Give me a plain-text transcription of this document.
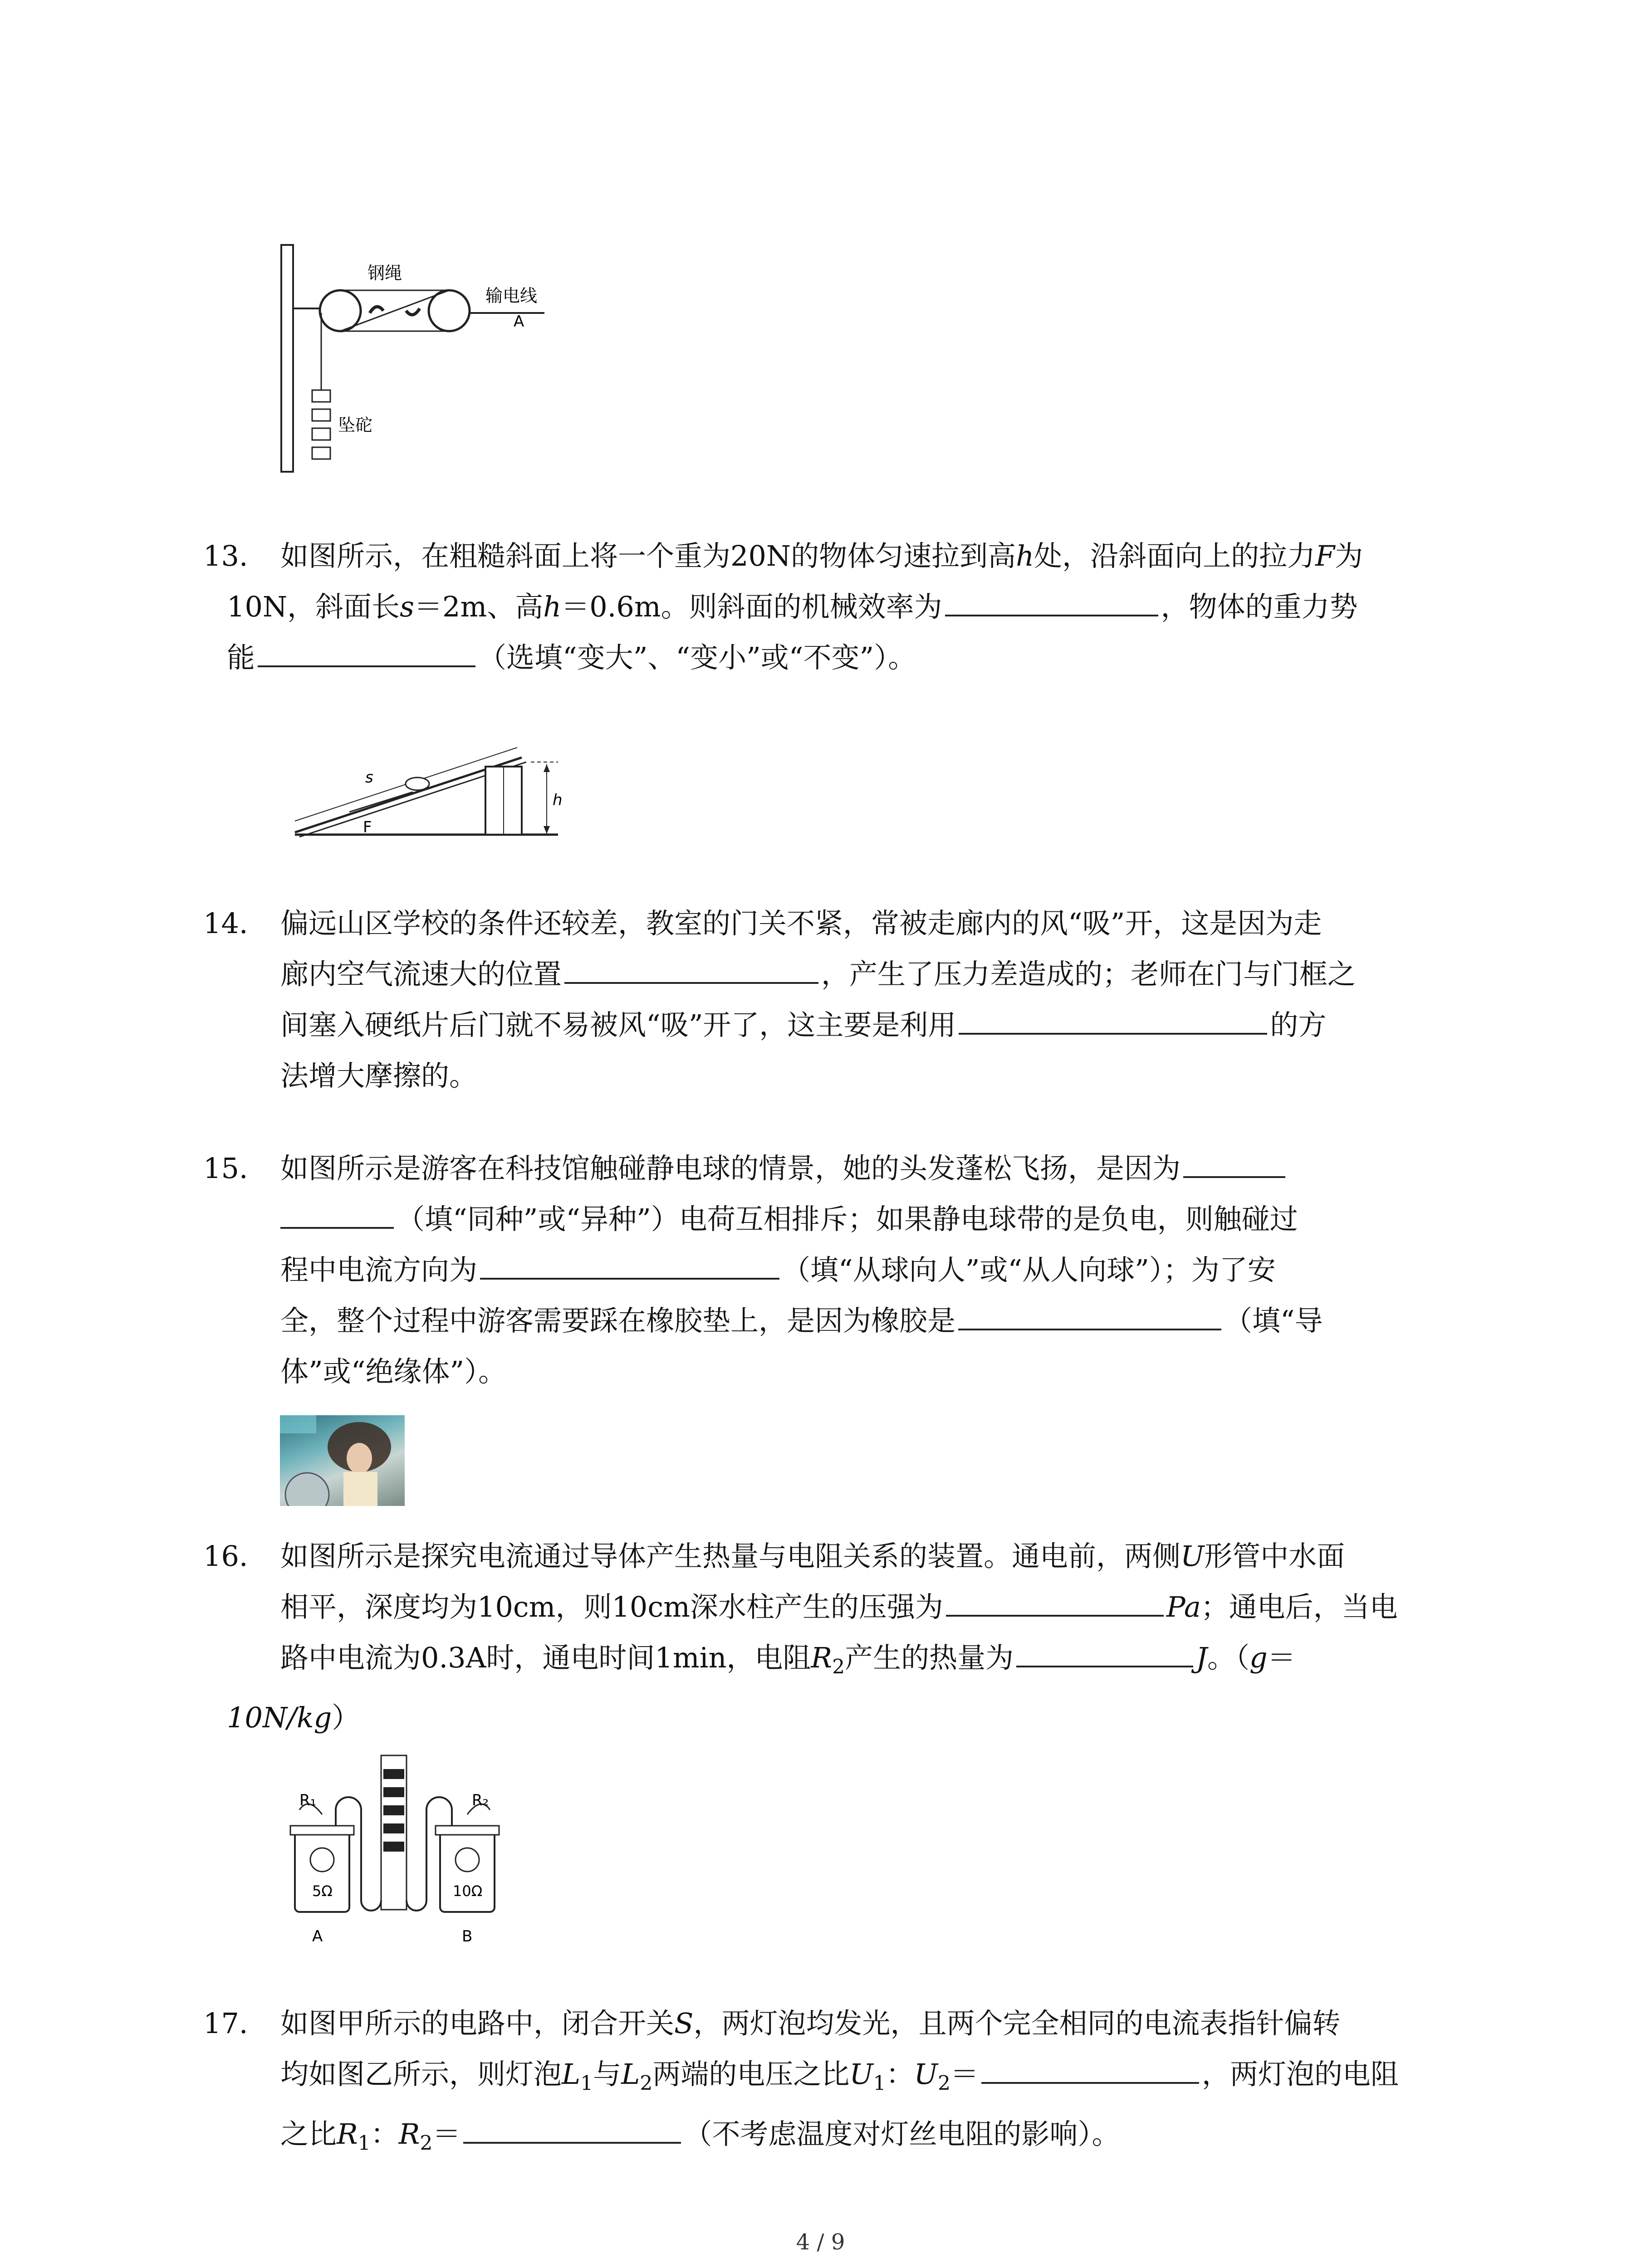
钢绳
输电线
A
坠砣
13.	如图所示，在粗糙斜面上将一个重为20N的物体匀速拉到高h处，沿斜面向上的拉力F为
10N，斜面长s＝2m、高h＝0.6m。则斜面的机械效率为	，物体的重力势
能	（选填“变大”、“变小”或“不变”）。
s
F
h
14.	偏远山区学校的条件还较差，教室的门关不紧，常被走廊内的风“吸”开，这是因为走
廊内空气流速大的位置	，产生了压力差造成的；老师在门与门框之
间塞入硬纸片后门就不易被风“吸”开了，这主要是利用	的方
法增大摩擦的。
15.	如图所示是游客在科技馆触碰静电球的情景，她的头发蓬松飞扬，是因为
（填“同种”或“异种”）电荷互相排斥；如果静电球带的是负电，则触碰过
程中电流方向为	（填“从球向人”或“从人向球”）；为了安
全，整个过程中游客需要踩在橡胶垫上，是因为橡胶是	（填“导
体”或“绝缘体”）。
16.	如图所示是探究电流通过导体产生热量与电阻关系的装置。通电前，两侧U形管中水面
相平，深度均为10cm，则10cm深水柱产生的压强为	Pa；通电后，当电
路中电流为0.3A时，通电时间1min，电阻$R_2$产生的热量为	J。（g＝
10N/kg）
R₁	R₂
5Ω	10Ω
A	B
17.	如图甲所示的电路中，闭合开关S，两灯泡均发光，且两个完全相同的电流表指针偏转
均如图乙所示，则灯泡$L_1$与$L_2$两端的电压之比$U_1$：$U_2=$	，两灯泡的电阻
之比$R_1$：$R_2=$	（不考虑温度对灯丝电阻的影响）。
4 / 9
